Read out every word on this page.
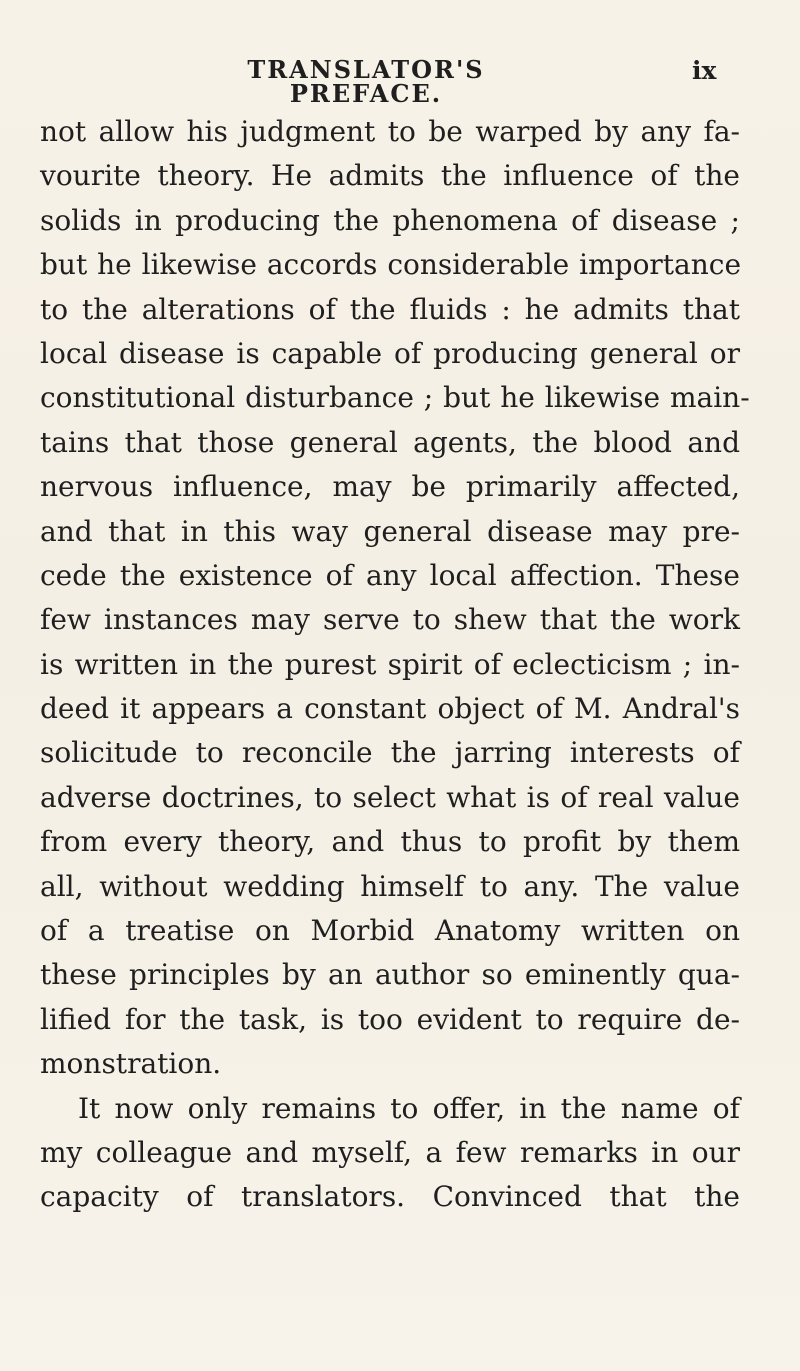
TRANSLATOR'S PREFACE.
ix
not allow his judgment to be warped by any fa-
vourite theory. He admits the influence of the
solids in producing the phenomena of disease ;
but he likewise accords considerable importance
to the alterations of the fluids : he admits that
local disease is capable of producing general or
constitutional disturbance ; but he likewise main-
tains that those general agents, the blood and
nervous influence, may be primarily affected,
and that in this way general disease may pre-
cede the existence of any local affection. These
few instances may serve to shew that the work
is written in the purest spirit of eclecticism ; in-
deed it appears a constant object of M. Andral's
solicitude to reconcile the jarring interests of
adverse doctrines, to select what is of real value
from every theory, and thus to profit by them
all, without wedding himself to any. The value
of a treatise on Morbid Anatomy written on
these principles by an author so eminently qua-
lified for the task, is too evident to require de-
monstration.
It now only remains to offer, in the name of
my colleague and myself, a few remarks in our
capacity of translators. Convinced that the
